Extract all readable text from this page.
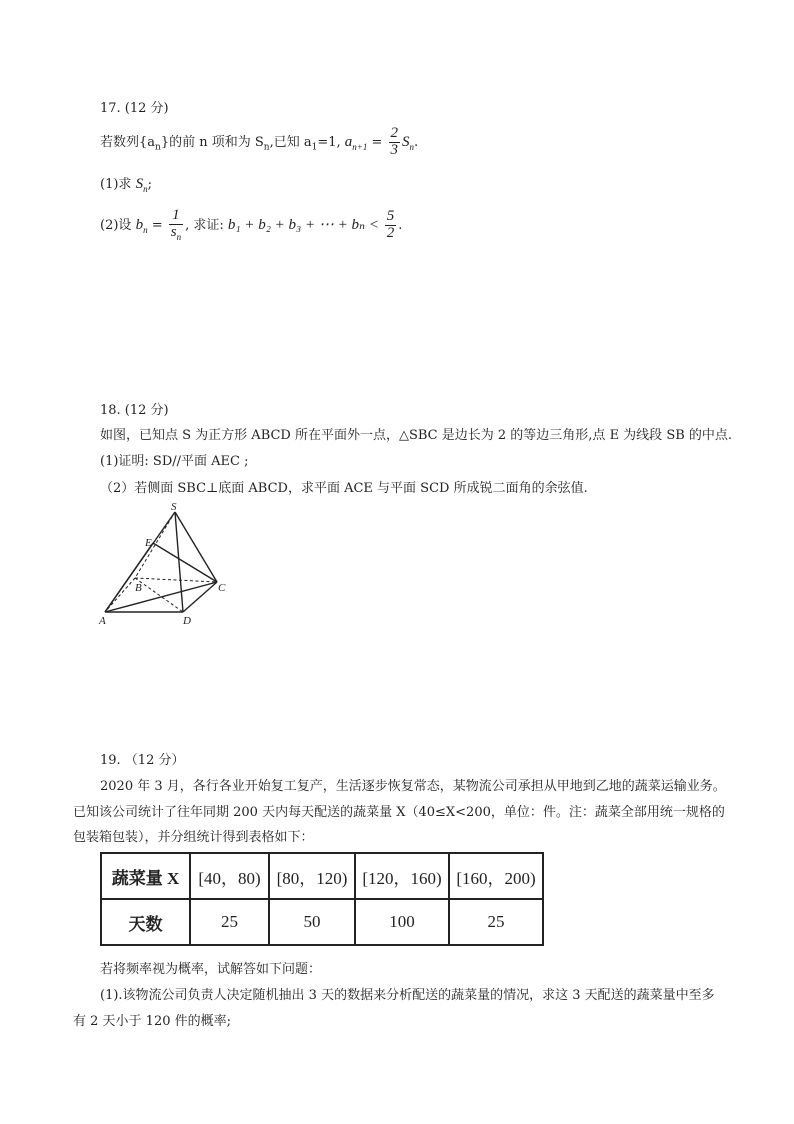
17. (12 分)
若数列$\{a_n\}$的前 n 项和为 $S_n$,已知 $a_1=1$, $a_{n+1} = \frac{2}{3} S_n$.
(1)求 $S_n$;
(2)设 $b_n = \frac{1}{s_n}$ , 求证: b₁ + b₂ + b₃ + ⋯ + $b_n < \frac{5}{2}$ .
18. (12 分)
如图，已知点 S 为正方形 ABCD 所在平面外一点，△SBC 是边长为 2 的等边三角形,点 E 为线段 SB 的中点.
(1)证明: SD//平面 AEC ;
（2）若侧面 SBC⊥底面 ABCD，求平面 ACE 与平面 SCD 所成锐二面角的余弦值.
S
E
B	C
A	D
19. （12 分）
2020 年 3 月，各行各业开始复工复产，生活逐步恢复常态，某物流公司承担从甲地到乙地的蔬菜运输业务。
已知该公司统计了往年同期 200 天内每天配送的蔬菜量 X（40≤X<200，单位：件。注：蔬菜全部用统一规格的
包装箱包装），并分组统计得到表格如下：
蔬菜量 X	[40，80)	[80，120)	[120，160)	[160，200)
天数	25	50	100	25
若将频率视为概率，试解答如下问题：
(1).该物流公司负责人决定随机抽出 3 天的数据来分析配送的蔬菜量的情况，求这 3 天配送的蔬菜量中至多
有 2 天小于 120 件的概率;
